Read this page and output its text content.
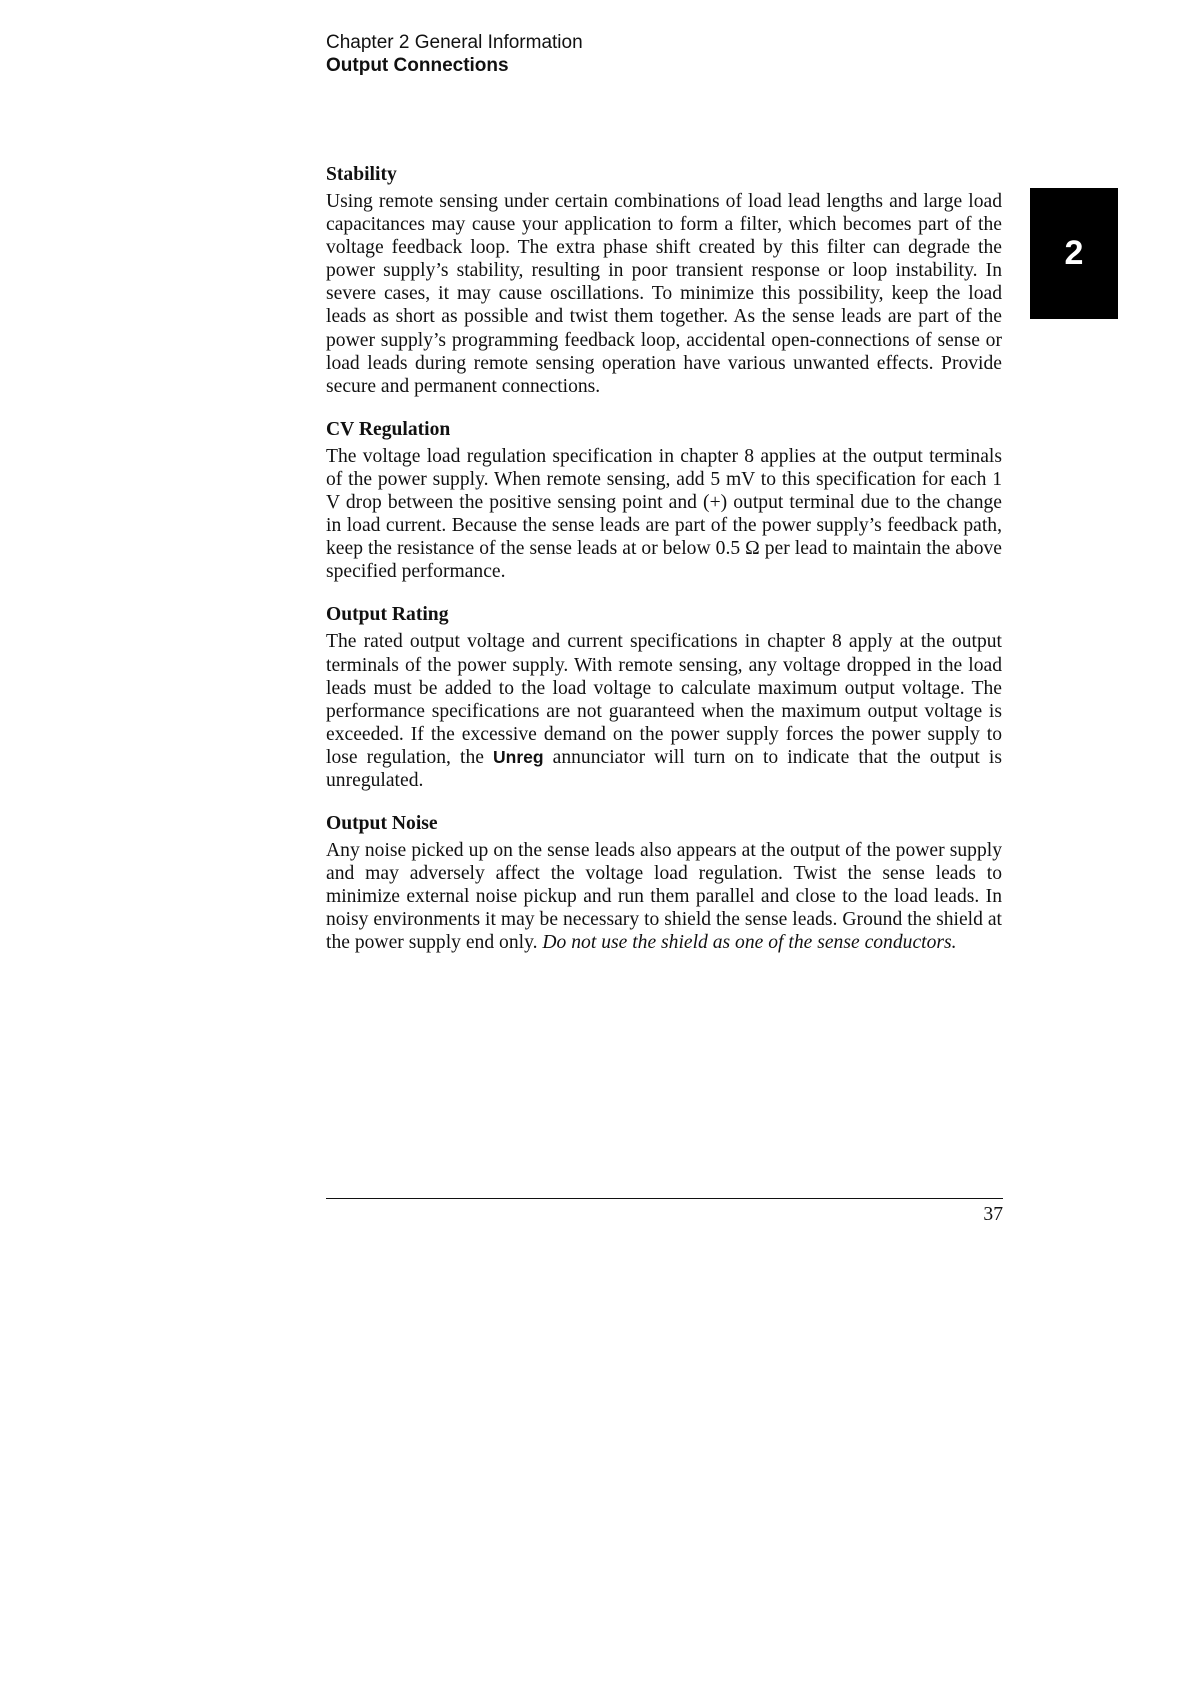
Chapter 2 General Information
Output Connections
2
Stability

Using remote sensing under certain combinations of load lead lengths and large load capacitances may cause your application to form a filter, which becomes part of the voltage feedback loop. The extra phase shift created by this filter can degrade the power supply’s stability, resulting in poor transient response or loop instability. In severe cases, it may cause oscillations. To minimize this possibility, keep the load leads as short as possible and twist them together. As the sense leads are part of the power supply’s programming feedback loop, accidental open-connections of sense or load leads during remote sensing operation have various unwanted effects. Provide secure and permanent connections.

CV Regulation

The voltage load regulation specification in chapter 8 applies at the output terminals of the power supply. When remote sensing, add 5 mV to this specification for each 1 V drop between the positive sensing point and (+) output terminal due to the change in load current. Because the sense leads are part of the power supply’s feedback path, keep the resistance of the sense leads at or below 0.5 Ω per lead to maintain the above specified performance.

Output Rating

The rated output voltage and current specifications in chapter 8 apply at the output terminals of the power supply. With remote sensing, any voltage dropped in the load leads must be added to the load voltage to calculate maximum output voltage. The performance specifications are not guaranteed when the maximum output voltage is exceeded. If the excessive demand on the power supply forces the power supply to lose regulation, the Unreg annunciator will turn on to indicate that the output is unregulated.

Output Noise

Any noise picked up on the sense leads also appears at the output of the power supply and may adversely affect the voltage load regulation. Twist the sense leads to minimize external noise pickup and run them parallel and close to the load leads. In noisy environments it may be necessary to shield the sense leads. Ground the shield at the power supply end only. Do not use the shield as one of the sense conductors.

37
